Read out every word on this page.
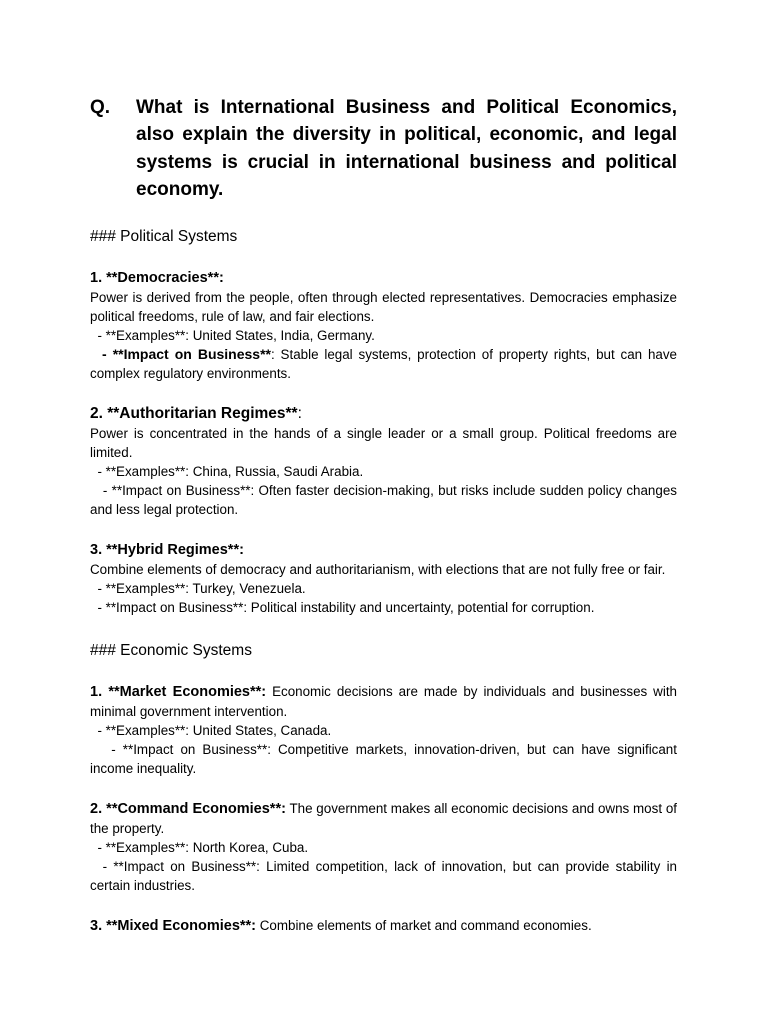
Q.	What is International Business and Political Economics, also explain the diversity in political, economic, and legal systems is crucial in international business and political economy.
### Political Systems
1. **Democracies**:
Power is derived from the people, often through elected representatives. Democracies emphasize political freedoms, rule of law, and fair elections.
- **Examples**: United States, India, Germany.
- **Impact on Business**: Stable legal systems, protection of property rights, but can have complex regulatory environments.
2. **Authoritarian Regimes**:
Power is concentrated in the hands of a single leader or a small group. Political freedoms are limited.
- **Examples**: China, Russia, Saudi Arabia.
- **Impact on Business**: Often faster decision-making, but risks include sudden policy changes and less legal protection.
3. **Hybrid Regimes**:
Combine elements of democracy and authoritarianism, with elections that are not fully free or fair.
- **Examples**: Turkey, Venezuela.
- **Impact on Business**: Political instability and uncertainty, potential for corruption.
### Economic Systems
1. **Market Economies**: Economic decisions are made by individuals and businesses with minimal government intervention.
- **Examples**: United States, Canada.
- **Impact on Business**: Competitive markets, innovation-driven, but can have significant income inequality.
2. **Command Economies**: The government makes all economic decisions and owns most of the property.
- **Examples**: North Korea, Cuba.
- **Impact on Business**: Limited competition, lack of innovation, but can provide stability in certain industries.
3. **Mixed Economies**: Combine elements of market and command economies.
